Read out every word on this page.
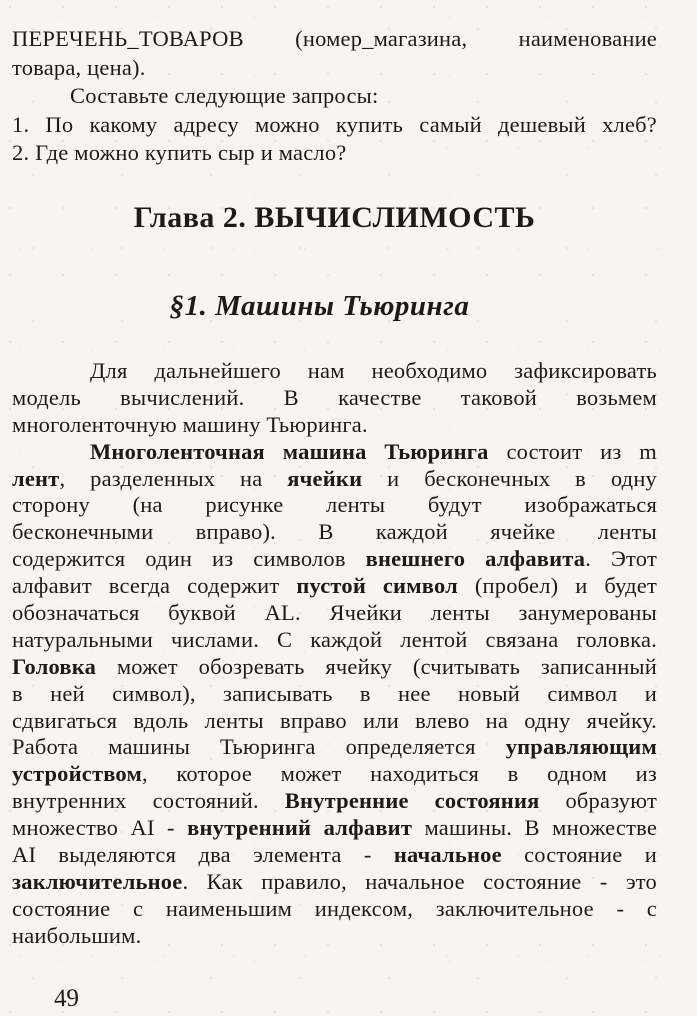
ПЕРЕЧЕНЬ_ТОВАРОВ (номер_магазина, наименование
товара, цена).
Составьте следующие запросы:
1. По какому адресу можно купить самый дешевый хлеб?
2. Где можно купить сыр и масло?
Глава 2. ВЫЧИСЛИМОСТЬ
§1. Машины Тьюринга
Для дальнейшего нам необходимо зафиксировать
модель вычислений. В качестве таковой возьмем
многоленточную машину Тьюринга.
Многоленточная машина Тьюринга состоит из m
лент, разделенных на ячейки и бесконечных в одну
сторону (на рисунке ленты будут изображаться
бесконечными вправо). В каждой ячейке ленты
содержится один из символов внешнего алфавита. Этот
алфавит всегда содержит пустой символ (пробел) и будет
обозначаться буквой AL. Ячейки ленты занумерованы
натуральными числами. С каждой лентой связана головка.
Головка может обозревать ячейку (считывать записанный
в ней символ), записывать в нее новый символ и
сдвигаться вдоль ленты вправо или влево на одну ячейку.
Работа машины Тьюринга определяется управляющим
устройством, которое может находиться в одном из
внутренних состояний. Внутренние состояния образуют
множество AI - внутренний алфавит машины. В множестве
AI выделяются два элемента - начальное состояние и
заключительное. Как правило, начальное состояние - это
состояние с наименьшим индексом, заключительное - с
наибольшим.
49
